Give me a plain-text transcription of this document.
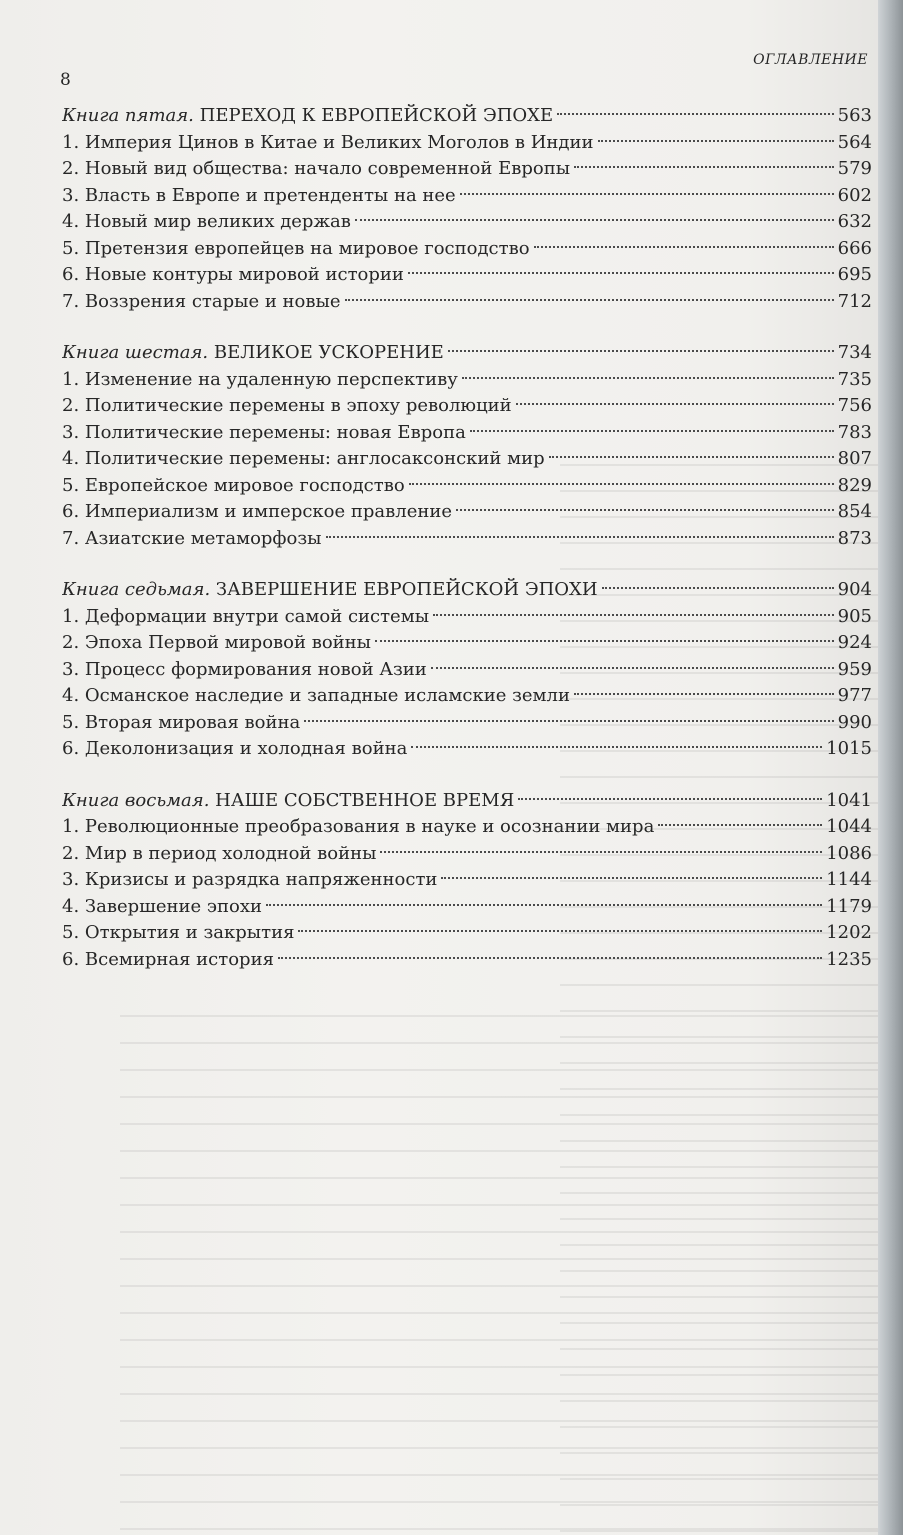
8
ОГЛАВЛЕНИЕ
Книга пятая. ПЕРЕХОД К ЕВРОПЕЙСКОЙ ЭПОХЕ	563
1. Империя Цинов в Китае и Великих Моголов в Индии	564
2. Новый вид общества: начало современной Европы	579
3. Власть в Европе и претенденты на нее	602
4. Новый мир великих держав	632
5. Претензия европейцев на мировое господство	666
6. Новые контуры мировой истории	695
7. Воззрения старые и новые	712
Книга шестая. ВЕЛИКОЕ УСКОРЕНИЕ	734
1. Изменение на удаленную перспективу	735
2. Политические перемены в эпоху революций	756
3. Политические перемены: новая Европа	783
4. Политические перемены: англосаксонский мир	807
5. Европейское мировое господство	829
6. Империализм и имперское правление	854
7. Азиатские метаморфозы	873
Книга седьмая. ЗАВЕРШЕНИЕ ЕВРОПЕЙСКОЙ ЭПОХИ	904
1. Деформации внутри самой системы	905
2. Эпоха Первой мировой войны	924
3. Процесс формирования новой Азии	959
4. Османское наследие и западные исламские земли	977
5. Вторая мировая война	990
6. Деколонизация и холодная война	1015
Книга восьмая. НАШЕ СОБСТВЕННОЕ ВРЕМЯ	1041
1. Революционные преобразования в науке и осознании мира	1044
2. Мир в период холодной войны	1086
3. Кризисы и разрядка напряженности	1144
4. Завершение эпохи	1179
5. Открытия и закрытия	1202
6. Всемирная история	1235
